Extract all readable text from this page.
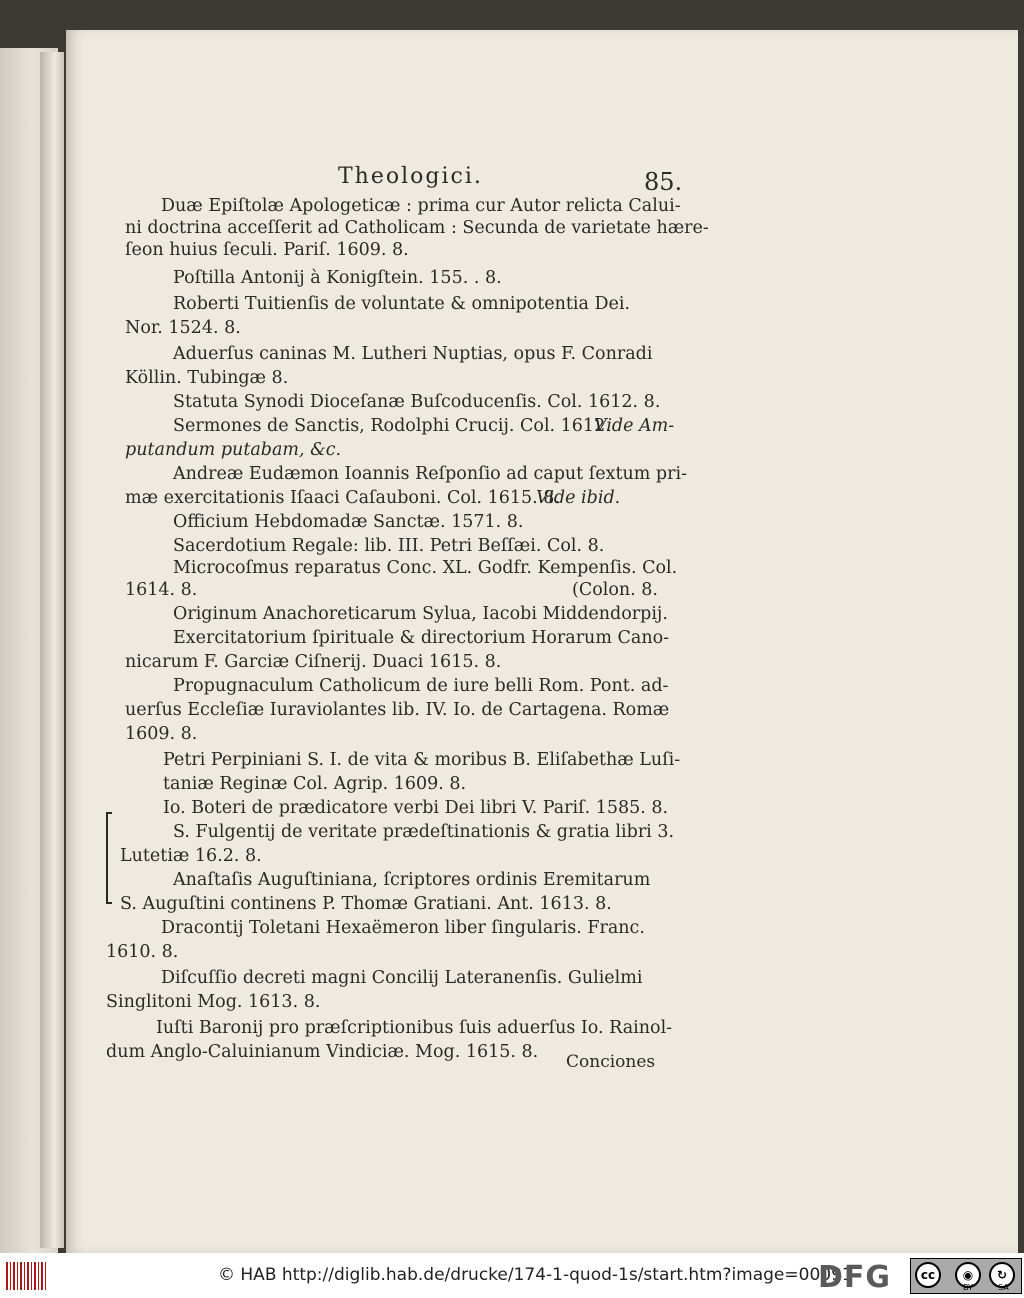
Theologici.	85.
Duæ Epiſtolæ Apologeticæ : prima cur Autor relicta Calui-
ni doctrina acceſſerit ad Catholicam : Secunda de varietate hære-
ſeon huius ſeculi. Pariſ. 1609. 8.
Poſtilla Antonij à Konigſtein. 155. . 8.
Roberti Tuitienſis de voluntate & omnipotentia Dei.
Nor. 1524. 8.
Aduerſus caninas M. Lutheri Nuptias, opus F. Conradi
Köllin. Tubingæ 8.
Statuta Synodi Dioceſanæ Buſcoducenſis. Col. 1612. 8.
Sermones de Sanctis, Rodolphi Crucij. Col. 1612.
Vide Am-
putandum putabam, &c.
Andreæ Eudæmon Ioannis Reſponſio ad caput ſextum pri-
mæ exercitationis Iſaaci Caſauboni. Col. 1615. 8.
Vide ibid.
Officium Hebdomadæ Sanctæ. 1571. 8.
Sacerdotium Regale: lib. III. Petri Beſſæi. Col. 8.
Microcoſmus reparatus Conc. XL. Godfr. Kempenſis. Col.
1614. 8.	(Colon. 8.
Originum Anachoreticarum Sylua, Iacobi Middendorpij.
Exercitatorium ſpirituale & directorium Horarum Cano-
nicarum F. Garciæ Ciſnerij. Duaci 1615. 8.
Propugnaculum Catholicum de iure belli Rom. Pont. ad-
uerſus Eccleſiæ Iuraviolantes lib. IV. Io. de Cartagena. Romæ
1609. 8.
Petri Perpiniani S. I. de vita & moribus B. Eliſabethæ Luſi-
taniæ Reginæ Col. Agrip. 1609. 8.
Io. Boteri de prædicatore verbi Dei libri V. Pariſ. 1585. 8.
S. Fulgentij de veritate prædeſtinationis & gratia libri 3.
Lutetiæ 16.2. 8.
Anaſtaſis Auguſtiniana, ſcriptores ordinis Eremitarum
S. Auguſtini continens P. Thomæ Gratiani. Ant. 1613. 8.
Dracontij Toletani Hexaëmeron liber ſingularis. Franc.
1610. 8.
Diſcuſſio decreti magni Concilij Lateranenſis. Gulielmi
Singlitoni Mog. 1613. 8.
Iuſti Baronij pro præſcriptionibus ſuis aduerſus Io. Rainol-
dum Anglo-Caluinianum Vindiciæ. Mog. 1615. 8. Conciones
© HAB http://diglib.hab.de/drucke/174-1-quod-1s/start.htm?image=00091
DFG	cc	◉	↻
BY	SA
